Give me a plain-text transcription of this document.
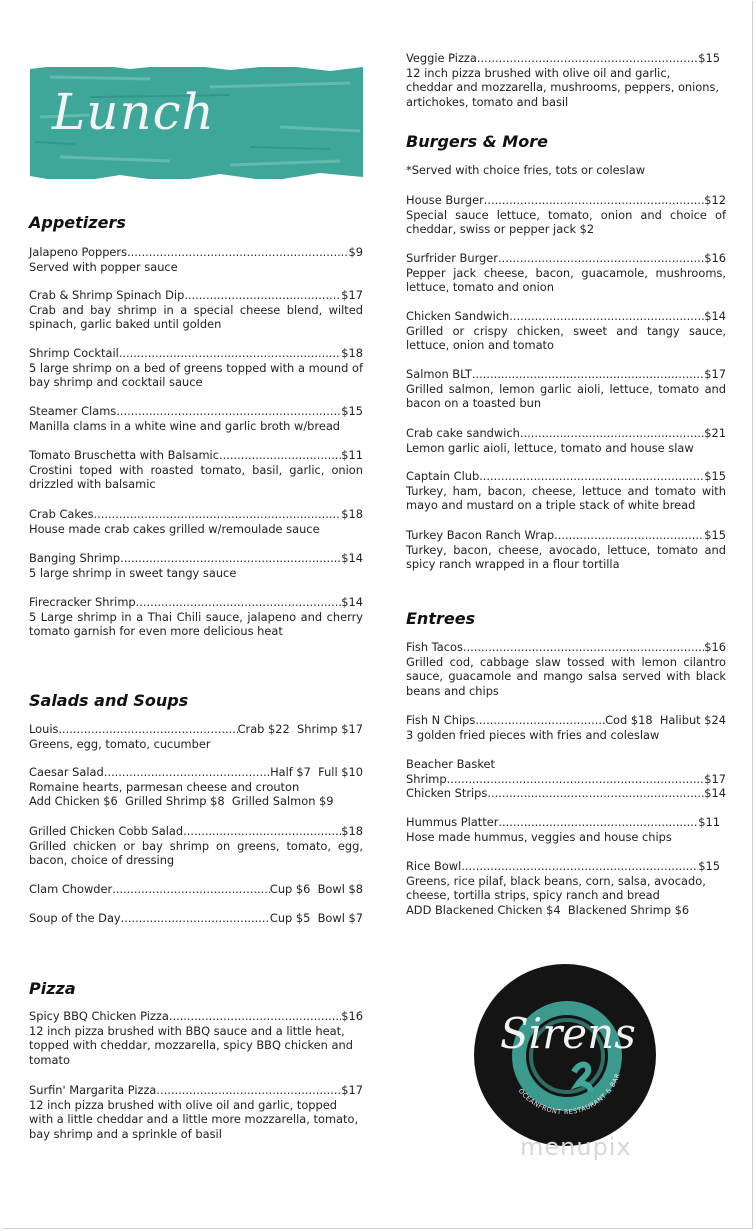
Lunch
Appetizers
Salads and Soups
Pizza
Burgers & More
Entrees
*Served with choice fries, tots or coleslaw
Jalapeno Poppers .....	$9
Served with popper sauce
Crab & Shrimp Spinach Dip .....	$17
Crab and bay shrimp in a special cheese blend, wilted spinach, garlic baked until golden
Shrimp Cocktail .....	$18
5 large shrimp on a bed of greens topped with a mound of bay shrimp and cocktail sauce
Steamer Clams .....	$15
Manilla clams in a white wine and garlic broth w/bread
Tomato Bruschetta with Balsamic .....	$11
Crostini toped with roasted tomato, basil, garlic, onion drizzled with balsamic
Crab Cakes .....	$18
House made crab cakes grilled w/remoulade sauce
Banging Shrimp .....	$14
5 large shrimp in sweet tangy sauce
Firecracker Shrimp .....	$14
5 Large shrimp in a Thai Chili sauce, jalapeno and cherry tomato garnish for even more delicious heat
Louis .....	Crab $22  Shrimp $17
Greens, egg, tomato, cucumber
Caesar Salad .....	Half $7  Full $10
Romaine hearts, parmesan cheese and crouton
Add Chicken $6  Grilled Shrimp $8  Grilled Salmon $9
Grilled Chicken Cobb Salad .....	$18
Grilled chicken or bay shrimp on greens, tomato, egg, bacon, choice of dressing
Clam Chowder .....	Cup $6  Bowl $8
Soup of the Day .....	Cup $5  Bowl $7
Spicy BBQ Chicken Pizza .....	$16
12 inch pizza brushed with BBQ sauce and a little heat, topped with cheddar, mozzarella, spicy BBQ chicken and tomato
Surfin' Margarita Pizza .....	$17
12 inch pizza brushed with olive oil and garlic, topped with a little cheddar and a little more mozzarella, tomato, bay shrimp and a sprinkle of basil
Veggie Pizza .....	$15
12 inch pizza brushed with olive oil and garlic, cheddar and mozzarella, mushrooms, peppers, onions, artichokes, tomato and basil
House Burger .....	$12
Special sauce lettuce, tomato, onion and choice of cheddar, swiss or pepper jack $2
Surfrider Burger .....	$16
Pepper jack cheese, bacon, guacamole, mushrooms, lettuce, tomato and onion
Chicken Sandwich .....	$14
Grilled or crispy chicken, sweet and tangy sauce, lettuce, onion and tomato
Salmon BLT .....	$17
Grilled salmon, lemon garlic aioli, lettuce, tomato and bacon on a toasted bun
Crab cake sandwich .....	$21
Lemon garlic aioli, lettuce, tomato and house slaw
Captain Club .....	$15
Turkey, ham, bacon, cheese, lettuce and tomato with mayo and mustard on a triple stack of white bread
Turkey Bacon Ranch Wrap .....	$15
Turkey, bacon, cheese, avocado, lettuce, tomato and spicy ranch wrapped in a flour tortilla
Fish Tacos .....	$16
Grilled cod, cabbage slaw tossed with lemon cilantro sauce, guacamole and mango salsa served with black beans and chips
Fish N Chips .....	Cod $18  Halibut $24
3 golden fried pieces with fries and coleslaw
Beacher Basket
Shrimp .....	$17
Chicken Strips .....	$14
Hummus Platter .....	$11
Hose made hummus, veggies and house chips
Rice Bowl .....	$15
Greens, rice pilaf, black beans, corn, salsa, avocado, cheese, tortilla strips, spicy ranch and bread
ADD Blackened Chicken $4  Blackened Shrimp $6
Sirens
OCEANFRONT RESTAURANT & BAR
menupix
